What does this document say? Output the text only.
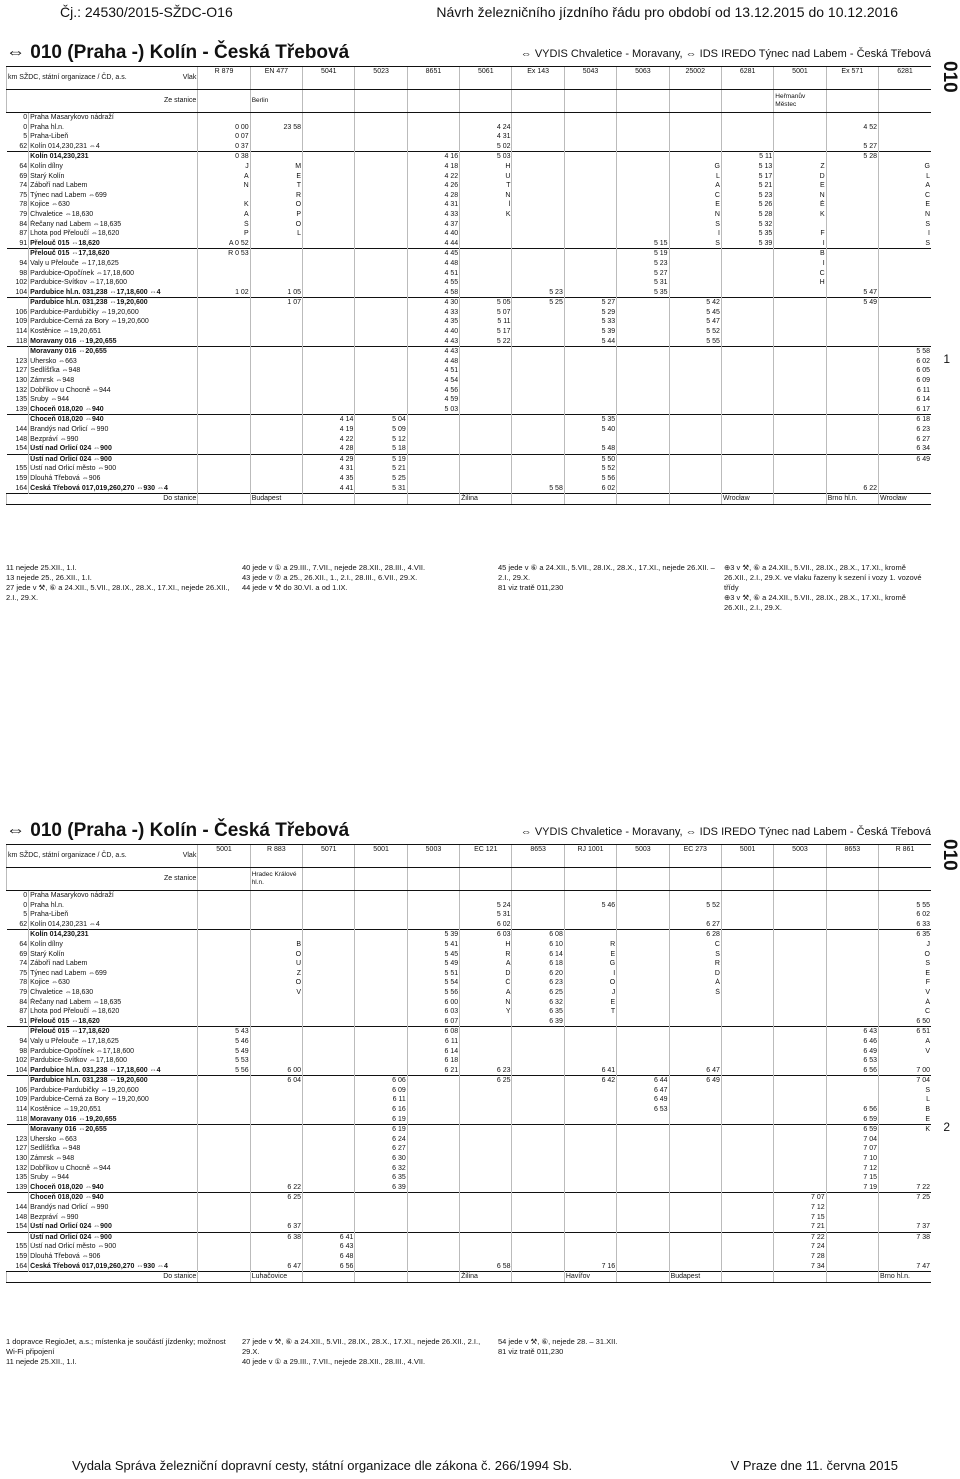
Čj.: 24530/2015-SŽDC-O16	Návrh železničního jízdního řádu pro období od 13.12.2015 do 10.12.2016
⇔ 010 (Praha -) Kolín - Česká Třebová	⇔ VYDIS Chvaletice - Moravany, ⇔ IDS IREDO Týnec nad Labem - Česká Třebová
km SŽDC, státní organizace / ČD, a.s. Vlak		R 879	EN 477	5041	5023	8651	5061	Ex 143	5043	5063	25002	6281	5001	Ex 571	6281
Ze stanice			Berlin										Heřmanův Městec		
0	Praha Masarykovo nádraží														
0	Praha hl.n.	0 00	23 58				4 24							4 52	
5	Praha-Libeň	0 07					4 31								
62	Kolín 014,230,231 ⇔4	0 37					5 02							5 27	
	Kolín 014,230,231	0 38				4 16	5 03					5 11		5 28	
64	Kolín dílny	J	M			4 18	H				G	5 13	Z		G
69	Starý Kolín	A	E			4 22	U				L	5 17	D		L
74	Záboří nad Labem	N	T			4 26	T				A	5 21	E		A
75	Týnec nad Labem ⇔699		R			4 28	N				C	5 23	N		C
78	Kojice ⇔630	K	O			4 31	Í				E	5 26	Ě		E
79	Chvaletice ⇔18,630	A	P			4 33	K				N	5 28	K		N
84	Řečany nad Labem ⇔18,635	Š	O			4 37					S	5 32			S
87	Lhota pod Přeloučí ⇔18,620	P	L			4 40					I	5 35	F		I
91	Přelouč 015 ⇔18,620	A 0 52				4 44				5 15	S	5 39	I		S
	Přelouč 015 ⇔17,18,620	R 0 53				4 45				5 19			B		
94	Valy u Přelouče ⇔17,18,625					4 48				5 23			I		
98	Pardubice-Opočínek ⇔17,18,600					4 51				5 27			C		
102	Pardubice-Svítkov ⇔17,18,600					4 55				5 31			H		
104	Pardubice hl.n. 031,238 ⇔17,18,600 ⇔4	1 02	1 05			4 58		5 23		5 35				5 47	
	Pardubice hl.n. 031,238 ⇔19,20,600		1 07			4 30	5 05	5 25	5 27		5 42			5 49	
106	Pardubice-Pardubičky ⇔19,20,600					4 33	5 07		5 29		5 45				
109	Pardubice-Černá za Bory ⇔19,20,600					4 35	5 11		5 33		5 47				
114	Kostěnice ⇔19,20,651					4 40	5 17		5 39		5 52				
118	Moravany 016 ⇔19,20,655					4 43	5 22		5 44		5 55				
	Moravany 016 ⇔20,655					4 43									5 58
123	Uhersko ⇔663					4 48									6 02
127	Sedlíšťka ⇔948					4 51									6 05
130	Zámrsk ⇔948					4 54									6 09
132	Dobříkov u Chocně ⇔944					4 56									6 11
135	Sruby ⇔944					4 59									6 14
139	Choceň 018,020 ⇔940					5 03									6 17
	Choceň 018,020 ⇔940			4 14	5 04				5 35						6 18
144	Brandýs nad Orlicí ⇔990			4 19	5 09				5 40						6 23
148	Bezpráví ⇔990			4 22	5 12										6 27
154	Ústí nad Orlicí 024 ⇔900			4 28	5 18				5 48						6 34
	Ústí nad Orlicí 024 ⇔900			4 29	5 19				5 50						6 49
155	Ústí nad Orlicí město ⇔900			4 31	5 21				5 52						
159	Dlouhá Třebová ⇔906			4 35	5 25				5 56						
164	Česká Třebová 017,019,260,270 ⇔930 ⇔4			4 41	5 31			5 58	6 02					6 22	
Do stanice			Budapest				Žilina					Wrocław		Brno hl.n.	Wrocław
010
1
11 nejede 25.XII., 1.I.
13 nejede 25., 26.XII., 1.I.
27 jede v ⚒, ⑥ a 24.XII., 5.VII., 28.IX., 28.X., 17.XI., nejede 26.XII., 2.I., 29.X.
40 jede v ① a 29.III., 7.VII., nejede 28.XII., 28.III., 4.VII.
43 jede v ⑦ a 25., 26.XII., 1., 2.I., 28.III., 6.VII., 29.X.
44 jede v ⚒ do 30.VI. a od 1.IX.
45 jede v ⑥ a 24.XII., 5.VII., 28.IX., 28.X., 17.XI., nejede 26.XII. – 2.I., 29.X.
81 viz tratě 011,230
⊕3 v ⚒, ⑥ a 24.XII., 5.VII., 28.IX., 28.X., 17.XI., kromě 26.XII., 2.I., 29.X. ve vlaku řazeny k sezení i vozy 1. vozové třídy
⊕3 v ⚒, ⑥ a 24.XII., 5.VII., 28.IX., 28.X., 17.XI., kromě 26.XII., 2.I., 29.X.
⇔ 010 (Praha -) Kolín - Česká Třebová	⇔ VYDIS Chvaletice - Moravany, ⇔ IDS IREDO Týnec nad Labem - Česká Třebová
km SŽDC, státní organizace / ČD, a.s. Vlak		5001	R 883	5071	5001	5003	EC 121	8653	RJ 1001	5003	EC 273	5001	5003	8653	R 861
Ze stanice			Hradec Králové hl.n.												
0	Praha Masarykovo nádraží														
0	Praha hl.n.						5 24		5 46		5 52				5 55
5	Praha-Libeň						5 31								6 02
62	Kolín 014,230,231 ⇔4						6 02				6 27				6 33
	Kolín 014,230,231					5 39	6 03	6 08			6 28				6 35
64	Kolín dílny		B			5 41	H	6 10	R		C				J
69	Starý Kolín		O			5 45	R	6 14	E		S				O
74	Záboří nad Labem		U			5 49	A	6 18	G		R				S
75	Týnec nad Labem ⇔699		Z			5 51	D	6 20	I		D				E
78	Kojice ⇔630		O			5 54	Č	6 23	O		Á				F
79	Chvaletice ⇔18,630		V			5 56	A	6 25	J		Š				V
84	Řečany nad Labem ⇔18,635					6 00	N	6 32	E						Á
87	Lhota pod Přeloučí ⇔18,620					6 03	Y	6 35	T						C
91	Přelouč 015 ⇔18,620					6 07		6 39							6 50
	Přelouč 015 ⇔17,18,620	5 43				6 08								6 43	6 51
94	Valy u Přelouče ⇔17,18,625	5 46				6 11								6 46	A
98	Pardubice-Opočínek ⇔17,18,600	5 49				6 14								6 49	V
102	Pardubice-Svítkov ⇔17,18,600	5 53				6 18								6 53	
104	Pardubice hl.n. 031,238 ⇔17,18,600 ⇔4	5 56	6 00			6 21	6 23		6 41		6 47			6 56	7 00
	Pardubice hl.n. 031,238 ⇔19,20,600		6 04		6 06		6 25		6 42	6 44	6 49				7 04
106	Pardubice-Pardubičky ⇔19,20,600				6 09					6 47					S
109	Pardubice-Černá za Bory ⇔19,20,600				6 11					6 49					L
114	Kostěnice ⇔19,20,651				6 16					6 53				6 56	B
118	Moravany 016 ⇔19,20,655				6 19									6 59	E
	Moravany 016 ⇔20,655				6 19									6 59	K
123	Uhersko ⇔663				6 24									7 04	
127	Sedlíšťka ⇔948				6 27									7 07	
130	Zámrsk ⇔948				6 30									7 10	
132	Dobříkov u Chocně ⇔944				6 32									7 12	
135	Sruby ⇔944				6 35									7 15	
139	Choceň 018,020 ⇔940		6 22		6 39									7 19	7 22
	Choceň 018,020 ⇔940		6 25										7 07		7 25
144	Brandýs nad Orlicí ⇔990												7 12		
148	Bezpráví ⇔990												7 15		
154	Ústí nad Orlicí 024 ⇔900		6 37										7 21		7 37
	Ústí nad Orlicí 024 ⇔900		6 38	6 41									7 22		7 38
155	Ústí nad Orlicí město ⇔900			6 43									7 24		
159	Dlouhá Třebová ⇔906			6 48									7 28		
164	Česká Třebová 017,019,260,270 ⇔930 ⇔4		6 47	6 56			6 58		7 16				7 34		7 47
Do stanice			Luhačovice				Žilina		Havířov		Budapest				Brno hl.n.
010
2
1 dopravce RegioJet, a.s.; místenka je součástí jízdenky; možnost Wi-Fi připojení
11 nejede 25.XII., 1.I.
27 jede v ⚒, ⑥ a 24.XII., 5.VII., 28.IX., 28.X., 17.XI., nejede 26.XII., 2.I., 29.X.
40 jede v ① a 29.III., 7.VII., nejede 28.XII., 28.III., 4.VII.
54 jede v ⚒, ⑥, nejede 28. – 31.XII.
81 viz tratě 011,230
Vydala Správa železniční dopravní cesty, státní organizace dle zákona č. 266/1994 Sb.	V Praze dne 11. června 2015
